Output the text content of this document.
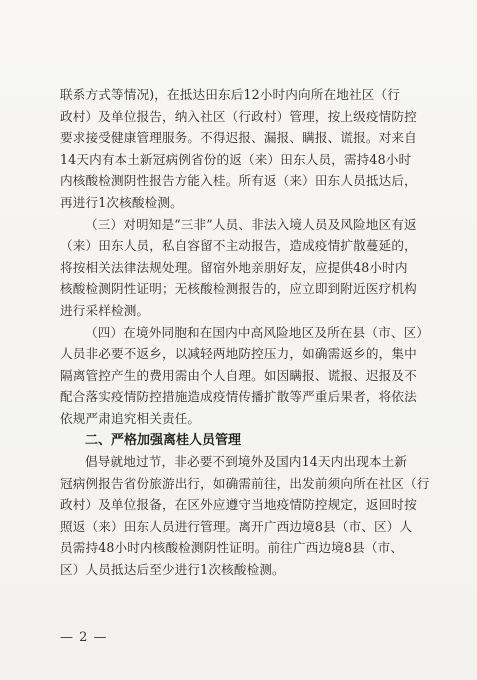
联系方式等情况)，在抵达田东后12小时内向所在地社区（行
政村）及单位报告，纳入社区（行政村）管理，按上级疫情防控
要求接受健康管理服务。不得迟报、漏报、瞒报、谎报。对来自
14天内有本土新冠病例省份的返（来）田东人员，需持48小时
内核酸检测阴性报告方能入桂。所有返（来）田东人员抵达后，
再进行1次核酸检测。

（三）对明知是“三非”人员、非法入境人员及风险地区有返
（来）田东人员，私自容留不主动报告，造成疫情扩散蔓延的，
将按相关法律法规处理。留宿外地亲朋好友，应提供48小时内
核酸检测阴性证明；无核酸检测报告的，应立即到附近医疗机构
进行采样检测。

（四）在境外同胞和在国内中高风险地区及所在县（市、区）
人员非必要不返乡，以减轻两地防控压力，如确需返乡的，集中
隔离管控产生的费用需由个人自理。如因瞒报、谎报、迟报及不
配合落实疫情防控措施造成疫情传播扩散等严重后果者，将依法
依规严肃追究相关责任。

二、严格加强离桂人员管理

倡导就地过节，非必要不到境外及国内14天内出现本土新
冠病例报告省份旅游出行，如确需前往，出发前须向所在社区（行
政村）及单位报备，在区外应遵守当地疫情防控规定，返回时按
照返（来）田东人员进行管理。离开广西边境8县（市、区）人
员需持48小时内核酸检测阴性证明。前往广西边境8县（市、
区）人员抵达后至少进行1次核酸检测。

— 2 —
